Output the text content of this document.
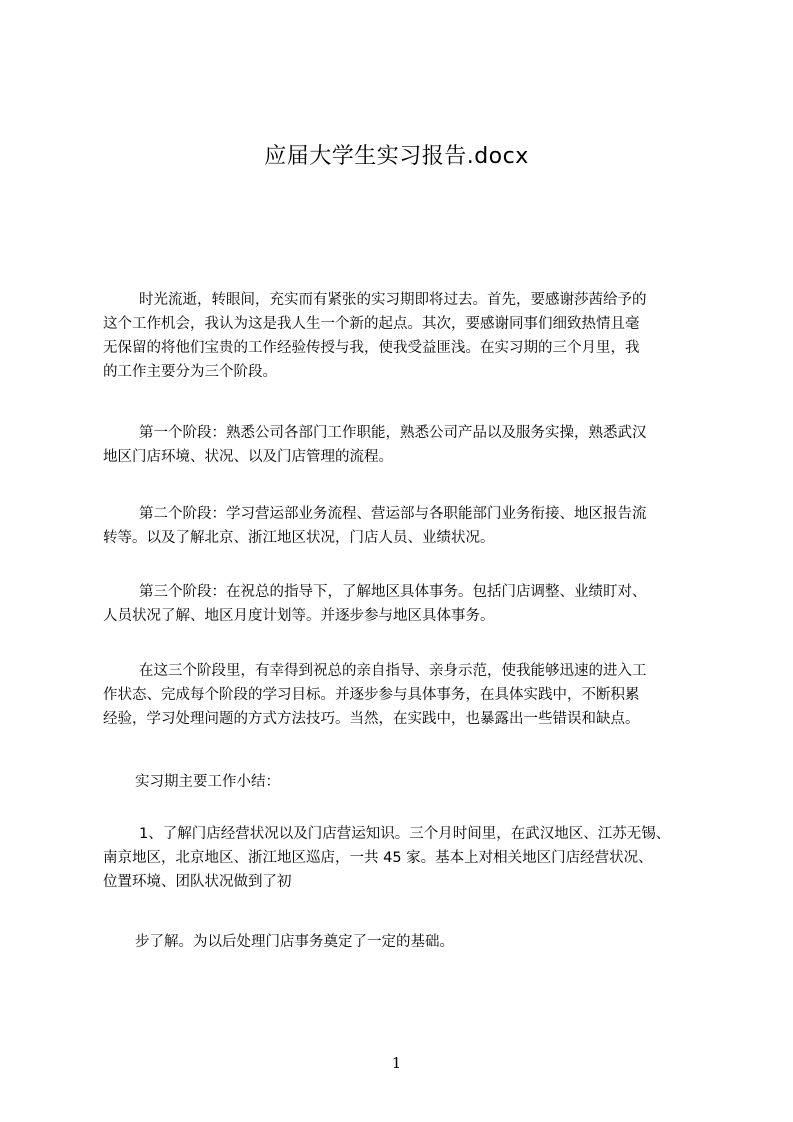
应届大学生实习报告.docx
时光流逝，转眼间，充实而有紧张的实习期即将过去。首先，要感谢莎茜给予的
这个工作机会，我认为这是我人生一个新的起点。其次，要感谢同事们细致热情且毫
无保留的将他们宝贵的工作经验传授与我，使我受益匪浅。在实习期的三个月里，我
的工作主要分为三个阶段。
第一个阶段：熟悉公司各部门工作职能，熟悉公司产品以及服务实操，熟悉武汉
地区门店环境、状况、以及门店管理的流程。
第二个阶段：学习营运部业务流程、营运部与各职能部门业务衔接、地区报告流
转等。以及了解北京、浙江地区状况，门店人员、业绩状况。
第三个阶段：在祝总的指导下，了解地区具体事务。包括门店调整、业绩盯对、
人员状况了解、地区月度计划等。并逐步参与地区具体事务。
在这三个阶段里，有幸得到祝总的亲自指导、亲身示范，使我能够迅速的进入工
作状态、完成每个阶段的学习目标。并逐步参与具体事务，在具体实践中，不断积累
经验，学习处理问题的方式方法技巧。当然，在实践中，也暴露出一些错误和缺点。
实习期主要工作小结：
1、了解门店经营状况以及门店营运知识。三个月时间里，在武汉地区、江苏无锡、
南京地区，北京地区、浙江地区巡店，一共 45 家。基本上对相关地区门店经营状况、
位置环境、团队状况做到了初
步了解。为以后处理门店事务奠定了一定的基础。
1
